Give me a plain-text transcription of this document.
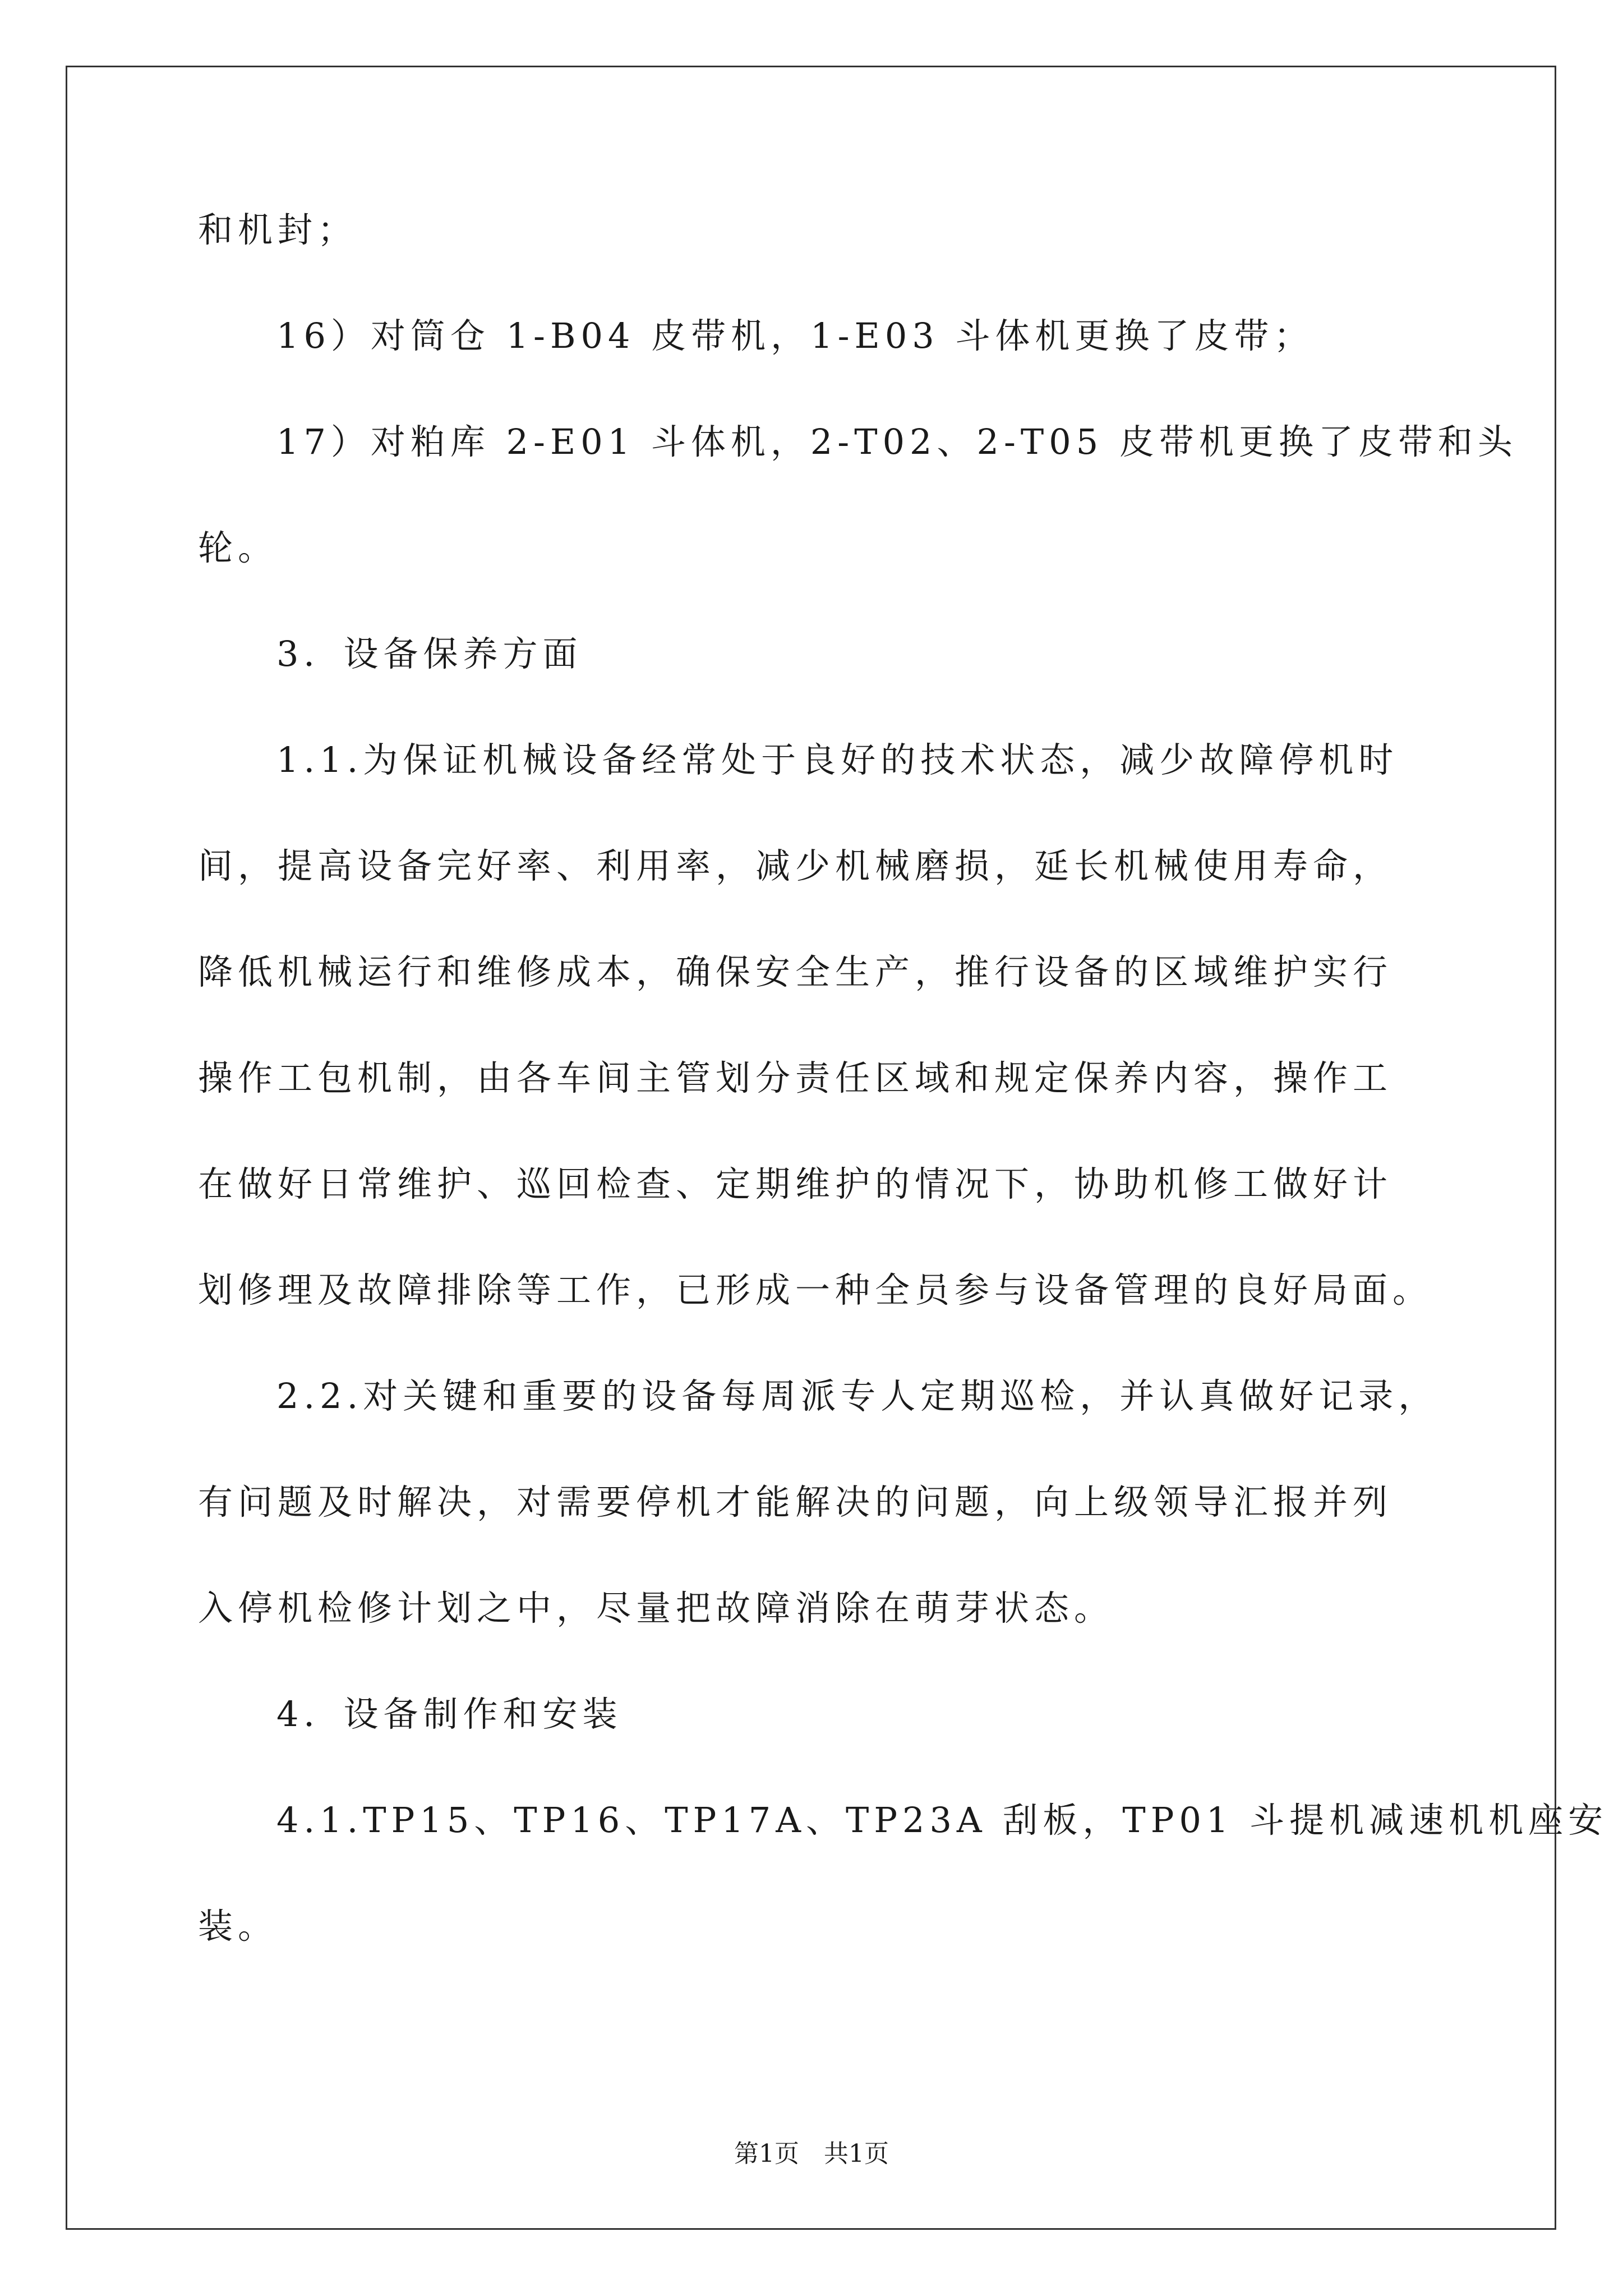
和机封；
16）对筒仓 1-B04 皮带机，1-E03 斗体机更换了皮带；
17）对粕库 2-E01 斗体机，2-T02、2-T05 皮带机更换了皮带和头
轮。
3．设备保养方面
1.1.为保证机械设备经常处于良好的技术状态，减少故障停机时
间，提高设备完好率、利用率，减少机械磨损，延长机械使用寿命，
降低机械运行和维修成本，确保安全生产，推行设备的区域维护实行
操作工包机制，由各车间主管划分责任区域和规定保养内容，操作工
在做好日常维护、巡回检查、定期维护的情况下，协助机修工做好计
划修理及故障排除等工作，已形成一种全员参与设备管理的良好局面。
2.2.对关键和重要的设备每周派专人定期巡检，并认真做好记录，
有问题及时解决，对需要停机才能解决的问题，向上级领导汇报并列
入停机检修计划之中，尽量把故障消除在萌芽状态。
4．设备制作和安装
4.1.TP15、TP16、TP17A、TP23A 刮板，TP01 斗提机减速机机座安
装。
第1页　共1页
